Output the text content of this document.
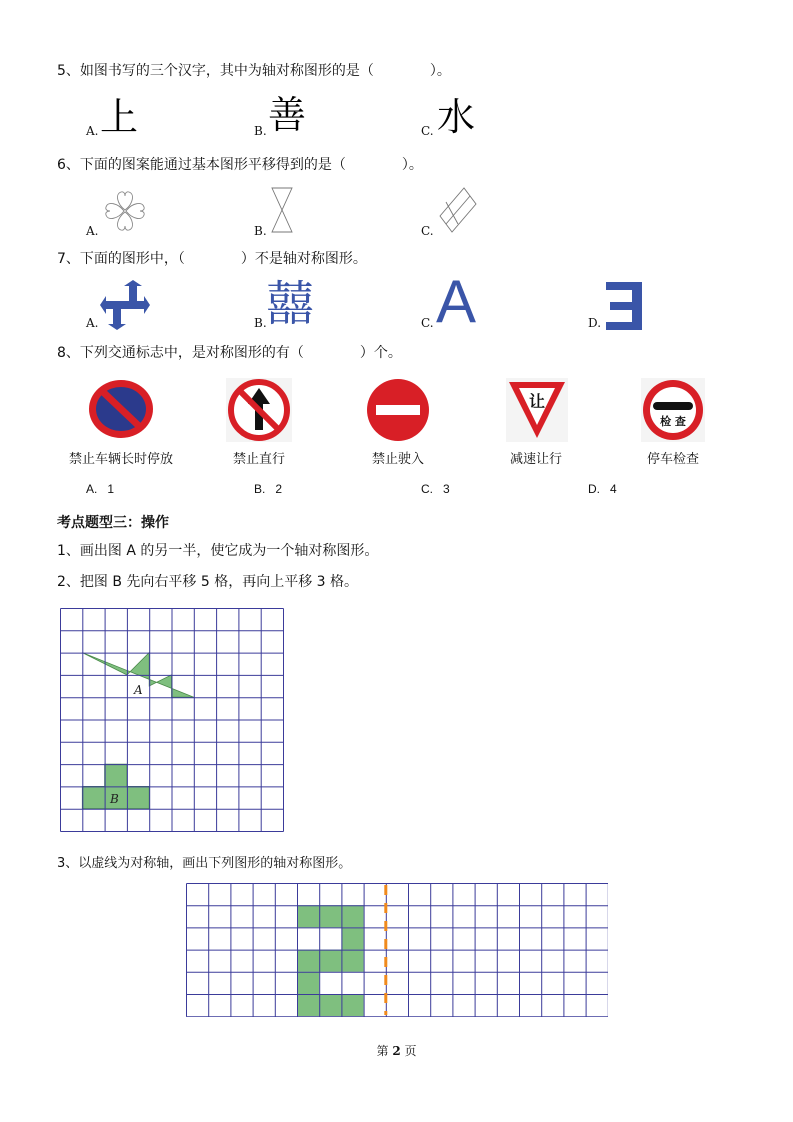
5、如图书写的三个汉字，其中为轴对称图形的是（　　　　）。
A. 上	B. 善	C. 水
6、下面的图案能通过基本图形平移得到的是（　　　　）。
A.	B.	C.
7、下面的图形中，（　　　　）不是轴对称图形。
A.	B. 囍	C. A	D.
ヨ
8、下列交通标志中，是对称图形的有（　　　　）个。
禁止车辆长时停放	禁止直行	禁止驶入
让
减速让行
检 查
停车检查
A. 1	B. 2	C. 3	D. 4
考点题型三：操作
1、画出图 A 的另一半，使它成为一个轴对称图形。
2、把图 B 先向右平移 5 格，再向上平移 3 格。
A
B
3、以虚线为对称轴，画出下列图形的轴对称图形。
第 2 页
